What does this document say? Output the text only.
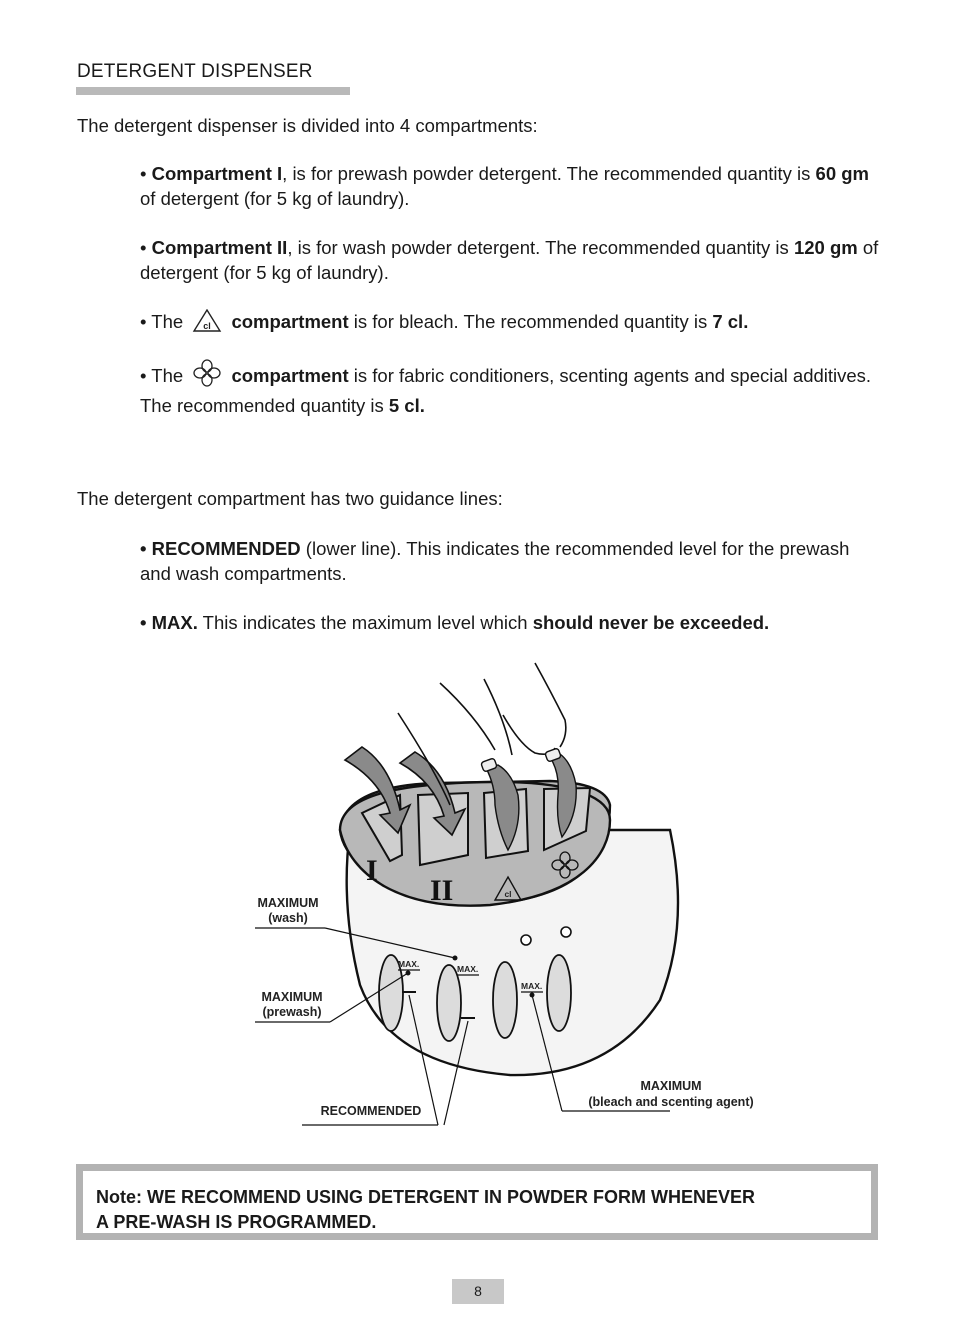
DETERGENT DISPENSER
The detergent dispenser is divided into 4 compartments:
• Compartment I, is for prewash powder detergent. The recommended quantity is 60 gm of detergent (for 5 kg of laundry).
• Compartment II, is for wash powder detergent. The recommended quantity is 120 gm of detergent (for 5 kg of laundry).
• The cl compartment is for bleach. The recommended quantity is 7 cl.
• The	compartment is for fabric conditioners, scenting agents and special additives. The recommended quantity is 5 cl.
The detergent compartment has two guidance lines:
• RECOMMENDED (lower line). This indicates the recommended level for the prewash and wash compartments.
• MAX. This indicates the maximum level which should never be exceeded.
I
II	cl
MAX.	MAX.
MAX.
MAXIMUM
(wash)
MAXIMUM
(prewash)
RECOMMENDED
MAXIMUM
(bleach and scenting agent)
Note: WE RECOMMEND USING DETERGENT IN POWDER FORM WHENEVER
A PRE-WASH IS PROGRAMMED.
8
